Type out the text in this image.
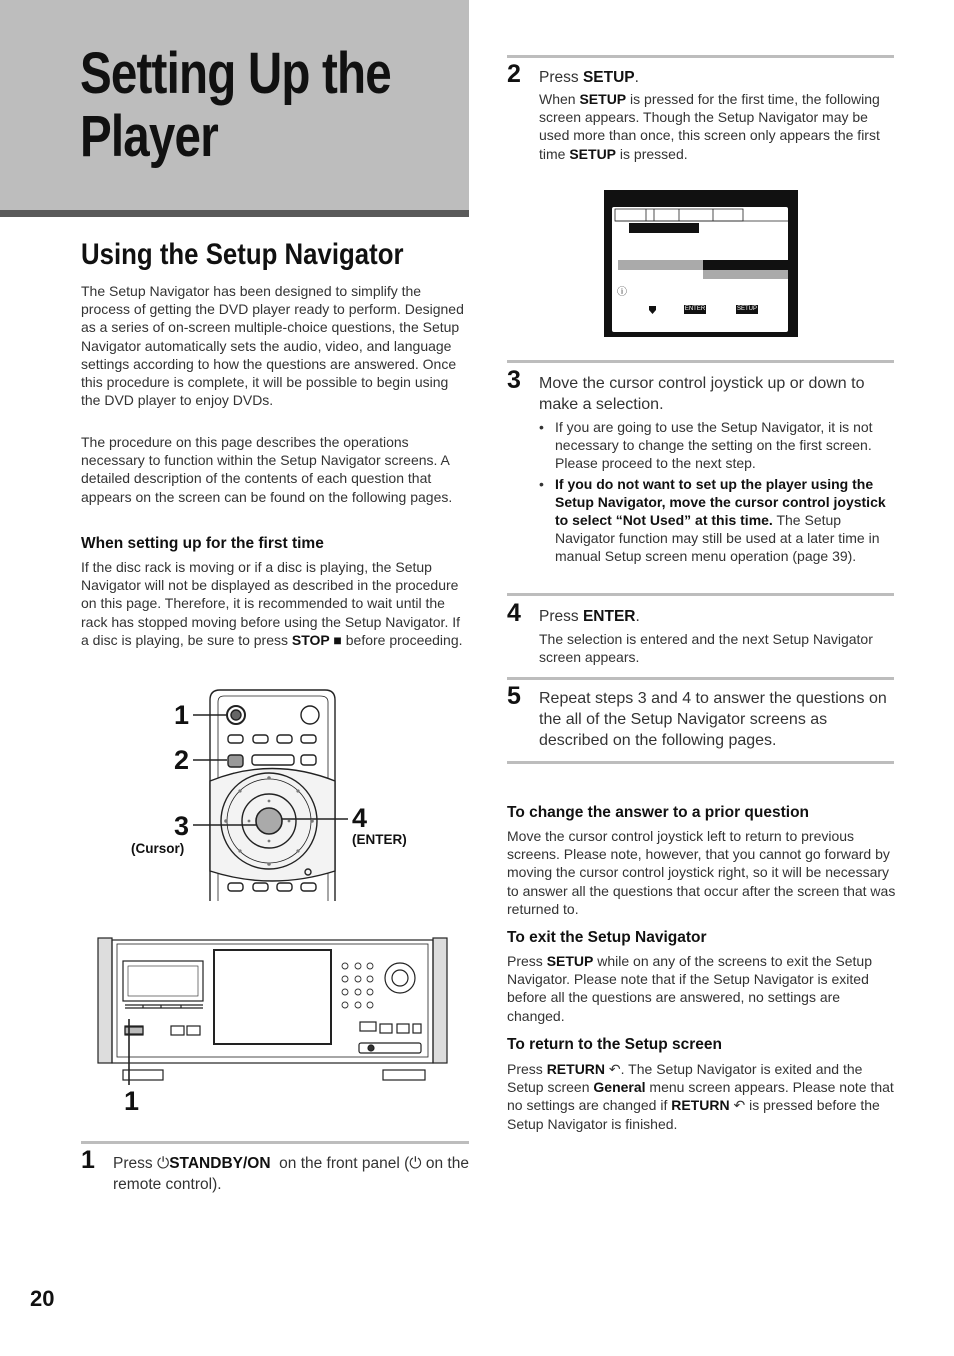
Setting Up the
Player
Using the Setup Navigator
The Setup Navigator has been designed to simplify the process of getting the DVD player ready to perform. Designed as a series of on-screen multiple-choice questions, the Setup Navigator automatically sets the audio, video, and language settings according to how the questions are answered. Once this procedure is complete, it will be possible to begin using the DVD player to enjoy DVDs.
The procedure on this page describes the operations necessary to function within the Setup Navigator screens. A detailed description of the contents of each question that appears on the screen can be found on the following pages.
When setting up for the first time
If the disc rack is moving or if a disc is playing, the Setup Navigator will not be displayed as described in the procedure on this page. Therefore, it is recommended to wait until the rack has stopped moving before using the Setup Navigator. If a disc is playing, be sure to press STOP ■ before proceeding.
1
2
3
(Cursor)
4
(ENTER)
1
1 Press ⏻STANDBY/ON on the front panel (⏻ on the remote control).
20
2 Press SETUP.
When SETUP is pressed for the first time, the following screen appears. Though the Setup Navigator may be used more than once, this screen only appears the first time SETUP is pressed.
ⓘ
ENTER	SETUP
3 Move the cursor control joystick up or down to make a selection.
• If you are going to use the Setup Navigator, it is not necessary to change the setting on the first screen. Please proceed to the next step.
• If you do not want to set up the player using the Setup Navigator, move the cursor control joystick to select “Not Used” at this time. The Setup Navigator function may still be used at a later time in manual Setup screen menu operation (page 39).
4 Press ENTER.
The selection is entered and the next Setup Navigator screen appears.
5 Repeat steps 3 and 4 to answer the questions on the all of the Setup Navigator screens as described on the following pages.
To change the answer to a prior question
Move the cursor control joystick left to return to previous screens. Please note, however, that you cannot go forward by moving the cursor control joystick right, so it will be necessary to answer all the questions that occur after the screen that was returned to.
To exit the Setup Navigator
Press SETUP while on any of the screens to exit the Setup Navigator. Please note that if the Setup Navigator is exited before all the questions are answered, no settings are changed.
To return to the Setup screen
Press RETURN ↶. The Setup Navigator is exited and the Setup screen General menu screen appears. Please note that no settings are changed if RETURN ↶ is pressed before the Setup Navigator is finished.
